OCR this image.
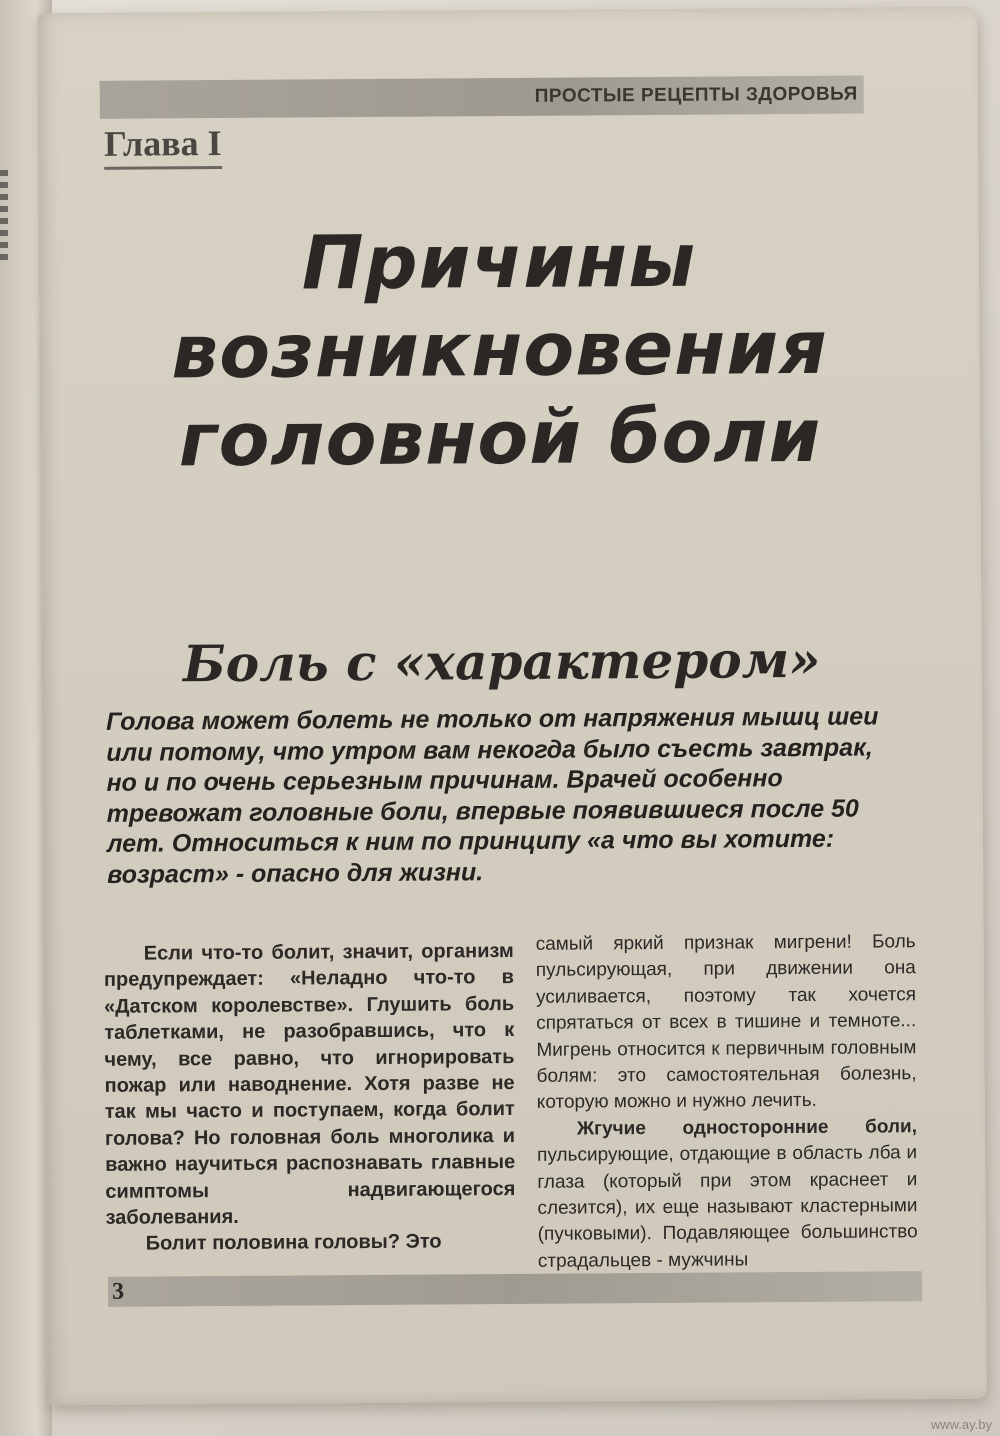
ПРОСТЫЕ РЕЦЕПТЫ ЗДОРОВЬЯ
Глава I
Причины
возникновения
головной боли
Боль с «характером»
Голова может болеть не только от напряжения мышц шеи или потому, что утром вам некогда было съесть завтрак, но и по очень серьезным причинам. Врачей особенно тревожат головные боли, впервые появившиеся после 50 лет. Относиться к ним по принципу «а что вы хотите: возраст» - опасно для жизни.

Если что-то болит, значит, организм предупреждает: «Неладно что-то в «Датском королевстве». Глушить боль таблетками, не разобравшись, что к чему, все равно, что игнорировать пожар или наводнение. Хотя разве не так мы часто и поступаем, когда болит голова? Но головная боль многолика и важно научиться распознавать главные симптомы надвигающегося заболевания.

Болит половина головы? Это

самый яркий признак мигрени! Боль пульсирующая, при движении она усиливается, поэтому так хочется спрятаться от всех в тишине и темноте... Мигрень относится к первичным головным болям: это самостоятельная болезнь, которую можно и нужно лечить.

Жгучие односторонние боли, пульсирующие, отдающие в область лба и глаза (который при этом краснеет и слезится), их еще называют кластерными (пучковыми). Подавляющее большинство страдальцев - мужчины

3
www.ay.by
